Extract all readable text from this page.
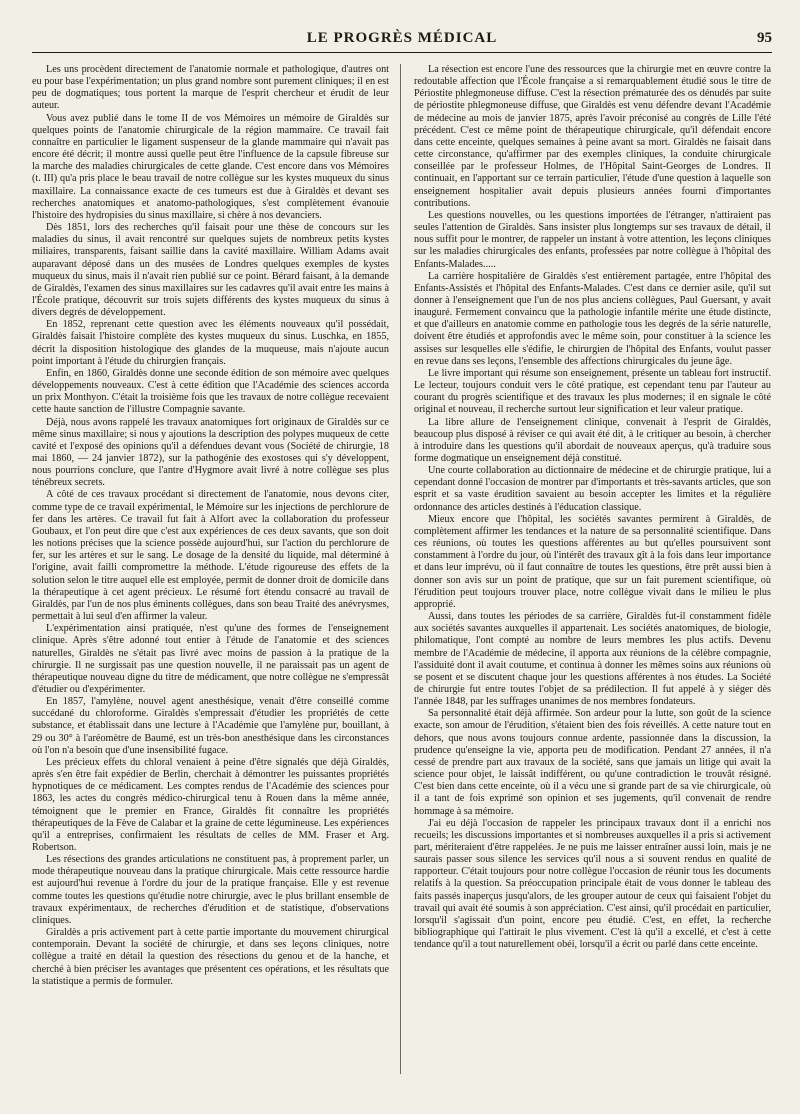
LE PROGRÈS MÉDICAL	95

Les uns procèdent directement de l'anatomie normale et pathologique, d'autres ont eu pour base l'expérimentation; un plus grand nombre sont purement cliniques; il en est peu de dogmatiques; tous portent la marque de l'esprit chercheur et érudit de leur auteur.

Vous avez publié dans le tome II de vos Mémoires un mémoire de Giraldès sur quelques points de l'anatomie chirurgicale de la région mammaire. Ce travail fait connaître en particulier le ligament suspenseur de la glande mammaire qui n'avait pas encore été décrit; il montre aussi quelle peut être l'influence de la capsule fibreuse sur la marche des maladies chirurgicales de cette glande. C'est encore dans vos Mémoires (t. III) qu'a pris place le beau travail de notre collègue sur les kystes muqueux du sinus maxillaire. La connaissance exacte de ces tumeurs est due à Giraldès et devant ses recherches anatomiques et anatomo-pathologiques, s'est complètement évanouie l'histoire des hydropisies du sinus maxillaire, si chère à nos devanciers.

Dès 1851, lors des recherches qu'il faisait pour une thèse de concours sur les maladies du sinus, il avait rencontré sur quelques sujets de nombreux petits kystes miliaires, transparents, faisant saillie dans la cavité maxillaire. William Adams avait auparavant déposé dans un des musées de Londres quelques exemples de kystes muqueux du sinus, mais il n'avait rien publié sur ce point. Bérard faisant, à la demande de Giraldès, l'examen des sinus maxillaires sur les cadavres qu'il avait entre les mains à l'École pratique, découvrit sur trois sujets différents des kystes muqueux du sinus à divers degrés de développement.

En 1852, reprenant cette question avec les éléments nouveaux qu'il possédait, Giraldès faisait l'histoire complète des kystes muqueux du sinus. Luschka, en 1855, décrit la disposition histologique des glandes de la muqueuse, mais n'ajoute aucun point important à l'étude du chirurgien français.

Enfin, en 1860, Giraldès donne une seconde édition de son mémoire avec quelques développements nouveaux. C'est à cette édition que l'Académie des sciences accorda un prix Monthyon. C'était la troisième fois que les travaux de notre collègue recevaient cette haute sanction de l'illustre Compagnie savante.

Déjà, nous avons rappelé les travaux anatomiques fort originaux de Giraldès sur ce même sinus maxillaire; si nous y ajoutions la description des polypes muqueux de cette cavité et l'exposé des opinions qu'il a défendues devant vous (Société de chirurgie, 18 mai 1860, — 24 janvier 1872), sur la pathogénie des exostoses qui s'y développent, nous pourrions conclure, que l'antre d'Hygmore avait livré à notre collègue ses plus ténébreux secrets.

A côté de ces travaux procédant si directement de l'anatomie, nous devons citer, comme type de ce travail expérimental, le Mémoire sur les injections de perchlorure de fer dans les artères. Ce travail fut fait à Alfort avec la collaboration du professeur Goubaux, et l'on peut dire que c'est aux expériences de ces deux savants, que son doit les notions précises que la science possède aujourd'hui, sur l'action du perchlorure de fer, sur les artères et sur le sang. Le dosage de la densité du liquide, mal déterminé à l'origine, avait failli compromettre la méthode. L'étude rigoureuse des effets de la solution selon le titre auquel elle est employée, permit de donner droit de domicile dans la thérapeutique à cet agent précieux. Le résumé fort étendu consacré au travail de Giraldès, par l'un de nos plus éminents collègues, dans son beau Traité des anévrysmes, permettait à lui seul d'en affirmer la valeur.

L'expérimentation ainsi pratiquée, n'est qu'une des formes de l'enseignement clinique. Après s'être adonné tout entier à l'étude de l'anatomie et des sciences naturelles, Giraldès ne s'était pas livré avec moins de passion à la pratique de la chirurgie. Il ne surgissait pas une question nouvelle, il ne paraissait pas un agent de thérapeutique nouveau digne du titre de médicament, que notre collègue ne s'empressât d'étudier ou d'expérimenter.

En 1857, l'amylène, nouvel agent anesthésique, venait d'être conseillé comme succédané du chloroforme. Giraldès s'empressait d'étudier les propriétés de cette substance, et établissait dans une lecture à l'Académie que l'amylène pur, bouillant, à 29 ou 30° à l'aréomètre de Baumé, est un très-bon anesthésique dans les circonstances où l'on n'a besoin que d'une insensibilité fugace.

Les précieux effets du chloral venaient à peine d'être signalés que déjà Giraldès, après s'en être fait expédier de Berlin, cherchait à démontrer les puissantes propriétés hypnotiques de ce médicament. Les comptes rendus de l'Académie des sciences pour 1863, les actes du congrès médico-chirurgical tenu à Rouen dans la même année, témoignent que le premier en France, Giraldès fit connaître les propriétés thérapeutiques de la Fève de Calabar et la graine de cette légumineuse. Les expériences qu'il a entreprises, confirmaient les résultats de celles de MM. Fraser et Arg. Robertson.

Les résections des grandes articulations ne constituent pas, à proprement parler, un mode thérapeutique nouveau dans la pratique chirurgicale. Mais cette ressource hardie est aujourd'hui revenue à l'ordre du jour de la pratique française. Elle y est revenue comme toutes les questions qu'étudie notre chirurgie, avec le plus brillant ensemble de travaux expérimentaux, de recherches d'érudition et de statistique, d'observations cliniques.

Giraldès a pris activement part à cette partie importante du mouvement chirurgical contemporain. Devant la société de chirurgie, et dans ses leçons cliniques, notre collègue a traité en détail la question des résections du genou et de la hanche, et cherché à bien préciser les avantages que présentent ces opérations, et les résultats que la statistique a permis de formuler.

La résection est encore l'une des ressources que la chirurgie met en œuvre contre la redoutable affection que l'École française a si remarquablement étudié sous le titre de Périostite phlegmoneuse diffuse. C'est la résection prématurée des os dénudés par suite de périostite phlegmoneuse diffuse, que Giraldès est venu défendre devant l'Académie de médecine au mois de janvier 1875, après l'avoir préconisé au congrès de Lille l'été précédent. C'est ce même point de thérapeutique chirurgicale, qu'il défendait encore dans cette enceinte, quelques semaines à peine avant sa mort. Giraldès ne faisait dans cette circonstance, qu'affirmer par des exemples cliniques, la conduite chirurgicale conseillée par le professeur Holmes, de l'Hôpital Saint-Georges de Londres. Il continuait, en l'apportant sur ce terrain particulier, l'étude d'une question à laquelle son enseignement hospitalier avait depuis plusieurs années fourni d'importantes contributions.

Les questions nouvelles, ou les questions importées de l'étranger, n'attiraient pas seules l'attention de Giraldès. Sans insister plus longtemps sur ses travaux de détail, il nous suffit pour le montrer, de rappeler un instant à votre attention, les leçons cliniques sur les maladies chirurgicales des enfants, professées par notre collègue à l'hôpital des Enfants-Malades.....

La carrière hospitalière de Giraldès s'est entièrement partagée, entre l'hôpital des Enfants-Assistés et l'hôpital des Enfants-Malades. C'est dans ce dernier asile, qu'il sut donner à l'enseignement que l'un de nos plus anciens collègues, Paul Guersant, y avait inauguré. Fermement convaincu que la pathologie infantile mérite une étude distincte, et que d'ailleurs en anatomie comme en pathologie tous les degrés de la série naturelle, doivent être étudiés et approfondis avec le même soin, pour constituer à la science les assises sur lesquelles elle s'édifie, le chirurgien de l'hôpital des Enfants, voulut passer en revue dans ses leçons, l'ensemble des affections chirurgicales du jeune âge.

Le livre important qui résume son enseignement, présente un tableau fort instructif. Le lecteur, toujours conduit vers le côté pratique, est cependant tenu par l'auteur au courant du progrès scientifique et des travaux les plus modernes; il en signale le côté original et nouveau, il recherche surtout leur signification et leur valeur pratique.

La libre allure de l'enseignement clinique, convenait à l'esprit de Giraldès, beaucoup plus disposé à réviser ce qui avait été dit, à le critiquer au besoin, à chercher à introduire dans les questions qu'il abordait de nouveaux aperçus, qu'à traduire sous forme dogmatique un enseignement déjà constitué.

Une courte collaboration au dictionnaire de médecine et de chirurgie pratique, lui a cependant donné l'occasion de montrer par d'importants et très-savants articles, que son esprit et sa vaste érudition savaient au besoin accepter les limites et la régulière ordonnance des articles destinés à l'éducation classique.

Mieux encore que l'hôpital, les sociétés savantes permirent à Giraldès, de complètement affirmer les tendances et la nature de sa personnalité scientifique. Dans ces réunions, où toutes les questions afférentes au but qu'elles poursuivent sont constamment à l'ordre du jour, où l'intérêt des travaux gît à la fois dans leur importance et dans leur imprévu, où il faut connaître de toutes les questions, être prêt aussi bien à donner son avis sur un point de pratique, que sur un fait purement scientifique, où l'érudition peut toujours trouver place, notre collègue vivait dans le milieu le plus approprié.

Aussi, dans toutes les périodes de sa carrière, Giraldès fut-il constamment fidèle aux sociétés savantes auxquelles il appartenait. Les sociétés anatomiques, de biologie, philomatique, l'ont compté au nombre de leurs membres les plus actifs. Devenu membre de l'Académie de médecine, il apporta aux réunions de la célèbre compagnie, l'assiduité dont il avait coutume, et continua à donner les mêmes soins aux réunions où se posent et se discutent chaque jour les questions afférentes à nos études. La Société de chirurgie fut entre toutes l'objet de sa prédilection. Il fut appelé à y siéger dès l'année 1848, par les suffrages unanimes de nos membres fondateurs.

Sa personnalité était déjà affirmée. Son ardeur pour la lutte, son goût de la science exacte, son amour de l'érudition, s'étaient bien des fois réveillés. A cette nature tout en dehors, que nous avons toujours connue ardente, passionnée dans la discussion, la prudence qu'enseigne la vie, apporta peu de modification. Pendant 27 années, il n'a cessé de prendre part aux travaux de la société, sans que jamais un litige qui avait la science pour objet, le laissât indifférent, ou qu'une contradiction le trouvât résigné. C'est bien dans cette enceinte, où il a vécu une si grande part de sa vie chirurgicale, où il a tant de fois exprimé son opinion et ses jugements, qu'il convenait de rendre hommage à sa mémoire.

J'ai eu déjà l'occasion de rappeler les principaux travaux dont il a enrichi nos recueils; les discussions importantes et si nombreuses auxquelles il a pris si activement part, mériteraient d'être rappelées. Je ne puis me laisser entraîner aussi loin, mais je ne saurais passer sous silence les services qu'il nous a si souvent rendus en qualité de rapporteur. C'était toujours pour notre collègue l'occasion de réunir tous les documents relatifs à la question. Sa préoccupation principale était de vous donner le tableau des faits passés inaperçus jusqu'alors, de les grouper autour de ceux qui faisaient l'objet du travail qui avait été soumis à son appréciation. C'est ainsi, qu'il procédait en particulier, lorsqu'il s'agissait d'un point, encore peu étudié. C'est, en effet, la recherche bibliographique qui l'attirait le plus vivement. C'est là qu'il a excellé, et c'est à cette tendance qu'il a tout naturellement obéi, lorsqu'il a écrit ou parlé dans cette enceinte.
